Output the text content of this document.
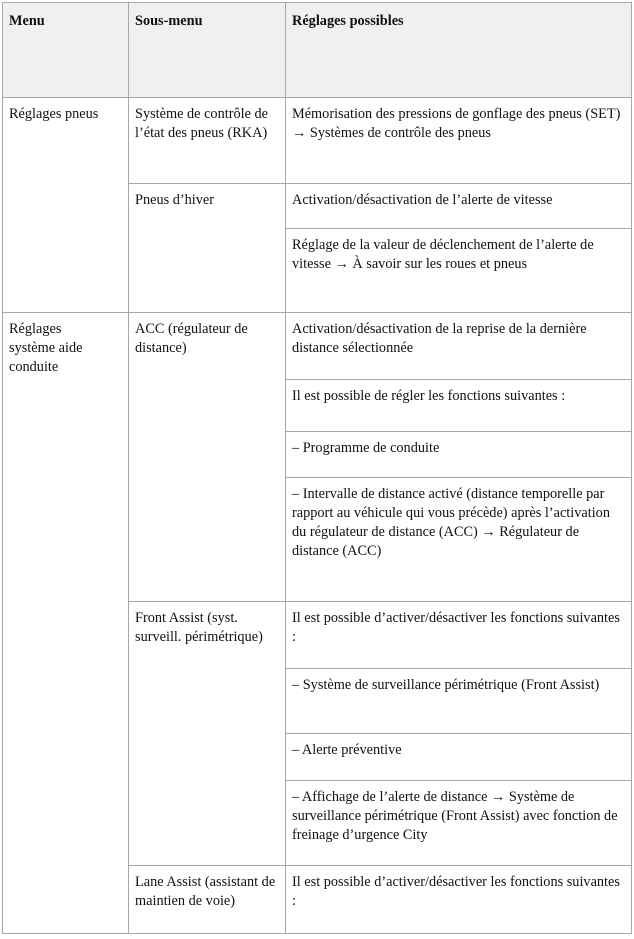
Menu	Sous-menu	Réglages possibles
Réglages pneus
Réglages système aide conduite
Système de contrôle de l’état des pneus (RKA)
Pneus d’hiver
ACC (régulateur de distance)
Front Assist (syst. surveill. périmétrique)
Lane Assist (assistant de maintien de voie)
Mémorisation des pressions de gonflage des pneus (SET) → Systèmes de contrôle des pneus
Activation/désactivation de l’alerte de vitesse
Réglage de la valeur de déclenchement de l’alerte de vitesse → À savoir sur les roues et pneus
Activation/désactivation de la reprise de la dernière distance sélectionnée
Il est possible de régler les fonctions suivantes :
– Programme de conduite
– Intervalle de distance activé (distance temporelle par rapport au véhicule qui vous précède) après l’activation du régulateur de distance (ACC) → Régulateur de distance (ACC)
Il est possible d’activer/désactiver les fonctions suivantes :
– Système de surveillance périmétrique (Front Assist)
– Alerte préventive
– Affichage de l’alerte de distance → Système de surveillance périmétrique (Front Assist) avec fonction de freinage d’urgence City
Il est possible d’activer/désactiver les fonctions suivantes :
